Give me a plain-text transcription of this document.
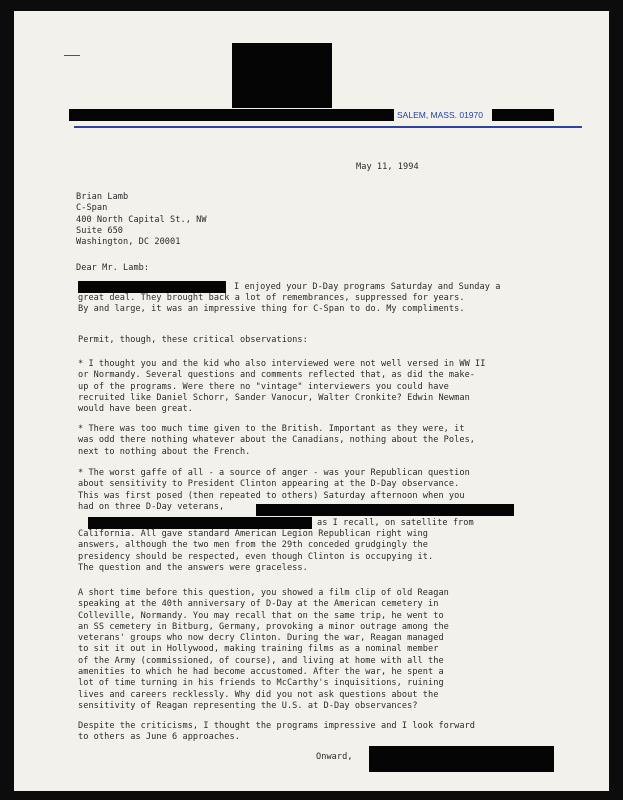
SALEM, MASS. 01970
May 11, 1994
Brian Lamb
C-Span
400 North Capital St., NW
Suite 650
Washington, DC 20001
Dear Mr. Lamb:
I enjoyed your D-Day programs Saturday and Sunday a
great deal. They brought back a lot of remembrances, suppressed for years.
By and large, it was an impressive thing for C-Span to do. My compliments.
Permit, though, these critical observations:
* I thought you and the kid who also interviewed were not well versed in WW II
or Normandy. Several questions and comments reflected that, as did the make-
up of the programs. Were there no "vintage" interviewers you could have
recruited like Daniel Schorr, Sander Vanocur, Walter Cronkite? Edwin Newman
would have been great.
* There was too much time given to the British. Important as they were, it
was odd there nothing whatever about the Canadians, nothing about the Poles,
next to nothing about the French.
* The worst gaffe of all - a source of anger - was your Republican question
about sensitivity to President Clinton appearing at the D-Day observance.
This was first posed (then repeated to others) Saturday afternoon when you
had on three D-Day veterans,
as I recall, on satellite from
California. All gave standard American Legion Republican right wing
answers, although the two men from the 29th conceded grudgingly the
presidency should be respected, even though Clinton is occupying it.
The question and the answers were graceless.
A short time before this question, you showed a film clip of old Reagan
speaking at the 40th anniversary of D-Day at the American cemetery in
Colleville, Normandy. You may recall that on the same trip, he went to
an SS cemetery in Bitburg, Germany, provoking a minor outrage among the
veterans' groups who now decry Clinton. During the war, Reagan managed
to sit it out in Hollywood, making training films as a nominal member
of the Army (commissioned, of course), and living at home with all the
amenities to which he had become accustomed. After the war, he spent a
lot of time turning in his friends to McCarthy's inquisitions, ruining
lives and careers recklessly. Why did you not ask questions about the
sensitivity of Reagan representing the U.S. at D-Day observances?
Despite the criticisms, I thought the programs impressive and I look forward
to others as June 6 approaches.
Onward,
